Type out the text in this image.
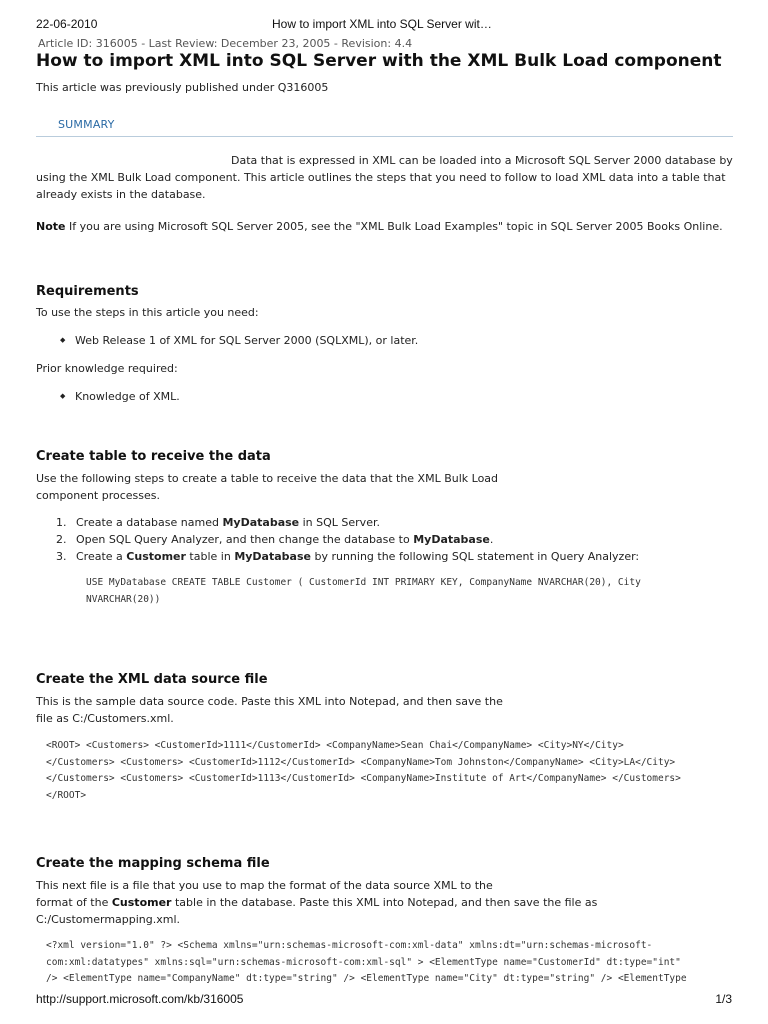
22-06-2010	How to import XML into SQL Server wit…
Article ID: 316005 - Last Review: December 23, 2005 - Revision: 4.4
How to import XML into SQL Server with the XML Bulk Load component
This article was previously published under Q316005
SUMMARY

Data that is expressed in XML can be loaded into a Microsoft SQL Server 2000 database by using the XML Bulk Load component. This article outlines the steps that you need to follow to load XML data into a table that already exists in the database.

Note If you are using Microsoft SQL Server 2005, see the "XML Bulk Load Examples" topic in SQL Server 2005 Books Online.

Requirements

To use the steps in this article you need:

◆ Web Release 1 of XML for SQL Server 2000 (SQLXML), or later.

Prior knowledge required:

◆ Knowledge of XML.
Create table to receive the data

Use the following steps to create a table to receive the data that the XML Bulk Load

component processes.

1. Create a database named MyDatabase in SQL Server.
2. Open SQL Query Analyzer, and then change the database to MyDatabase.
3. Create a Customer table in MyDatabase by running the following SQL statement in Query Analyzer:
USE MyDatabase CREATE TABLE Customer ( CustomerId INT PRIMARY KEY, CompanyName NVARCHAR(20), City
NVARCHAR(20))
Create the XML data source file

This is the sample data source code. Paste this XML into Notepad, and then save the

file as C:/Customers.xml.

<ROOT> <Customers> <CustomerId>1111</CustomerId> <CompanyName>Sean Chai</CompanyName> <City>NY</City>
</Customers> <Customers> <CustomerId>1112</CustomerId> <CompanyName>Tom Johnston</CompanyName> <City>LA</City>
</Customers> <Customers> <CustomerId>1113</CustomerId> <CompanyName>Institute of Art</CompanyName> </Customers>
</ROOT>
Create the mapping schema file

This next file is a file that you use to map the format of the data source XML to the

format of the Customer table in the database. Paste this XML into Notepad, and then save the file as

C:/Customermapping.xml.

<?xml version="1.0" ?> <Schema xmlns="urn:schemas-microsoft-com:xml-data" xmlns:dt="urn:schemas-microsoft-
com:xml:datatypes" xmlns:sql="urn:schemas-microsoft-com:xml-sql" > <ElementType name="CustomerId" dt:type="int"
/> <ElementType name="CompanyName" dt:type="string" /> <ElementType name="City" dt:type="string" /> <ElementType
http://support.microsoft.com/kb/316005	1/3
